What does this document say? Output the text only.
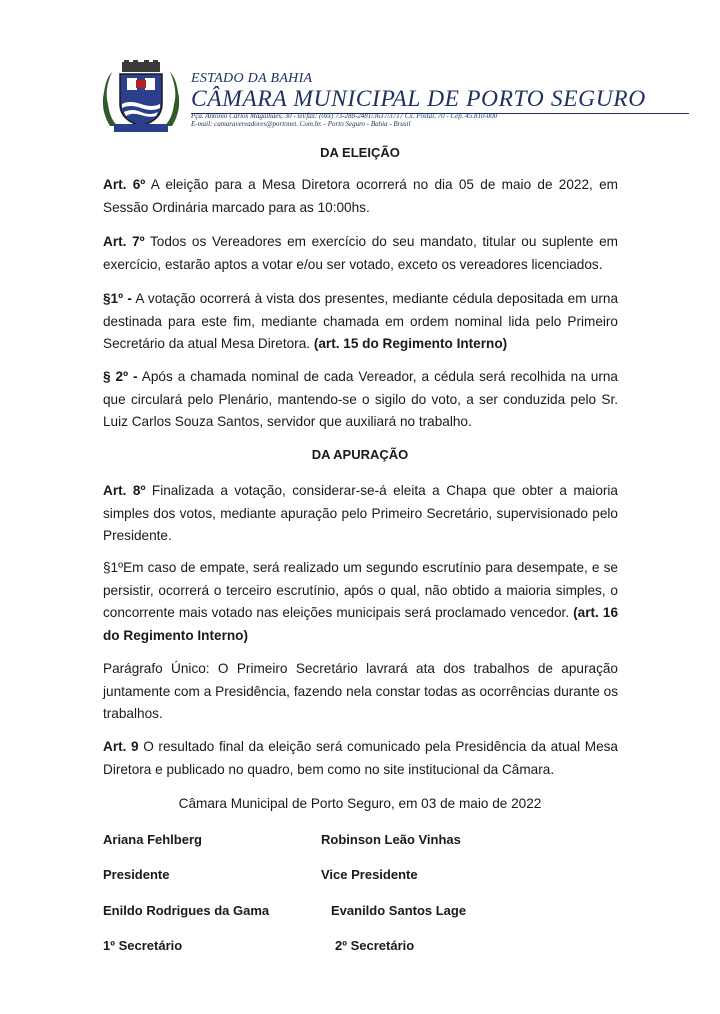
ESTADO DA BAHIA
CÂMARA MUNICIPAL DE PORTO SEGURO
Pça. Antonio Carlos Magalhães, 30 - tel/fax: (0xx) 73-288-2481/3617/3717 Cx. Postal, 70 - Cep. 45.810-000
E-mail: camaravereadores@portonet. Com.br. - Porto Seguro - Bahia - Brasil
DA ELEIÇÃO

Art. 6º A eleição para a Mesa Diretora ocorrerá no dia 05 de maio de 2022, em Sessão Ordinária marcado para as 10:00hs.

Art. 7º Todos os Vereadores em exercício do seu mandato, titular ou suplente em exercício, estarão aptos a votar e/ou ser votado, exceto os vereadores licenciados.

§1º - A votação ocorrerá à vista dos presentes, mediante cédula depositada em urna destinada para este fim, mediante chamada em ordem nominal lida pelo Primeiro Secretário da atual Mesa Diretora. (art. 15 do Regimento Interno)

§ 2º - Após a chamada nominal de cada Vereador, a cédula será recolhida na urna que circulará pelo Plenário, mantendo-se o sigilo do voto, a ser conduzida pelo Sr. Luiz Carlos Souza Santos, servidor que auxiliará no trabalho.

DA APURAÇÃO

Art. 8º Finalizada a votação, considerar-se-á eleita a Chapa que obter a maioria simples dos votos, mediante apuração pelo Primeiro Secretário, supervisionado pelo Presidente.

§1ºEm caso de empate, será realizado um segundo escrutínio para desempate, e se persistir, ocorrerá o terceiro escrutínio, após o qual, não obtido a maioria simples, o concorrente mais votado nas eleições municipais será proclamado vencedor. (art. 16 do Regimento Interno)

Parágrafo Único: O Primeiro Secretário lavrará ata dos trabalhos de apuração juntamente com a Presidência, fazendo nela constar todas as ocorrências durante os trabalhos.

Art. 9 O resultado final da eleição será comunicado pela Presidência da atual Mesa Diretora e publicado no quadro, bem como no site institucional da Câmara.

Câmara Municipal de Porto Seguro, em 03 de maio de 2022

Ariana Fehlberg	Robinson Leão Vinhas

Presidente	Vice Presidente

Enildo Rodrigues da Gama	Evanildo Santos Lage

1º Secretário	2º Secretário
